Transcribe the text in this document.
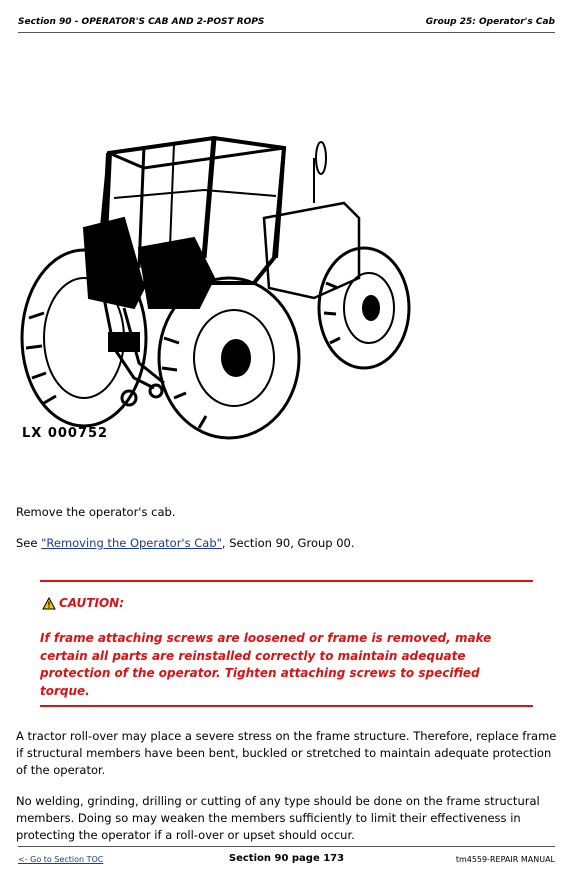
Section 90 - OPERATOR'S CAB AND 2-POST ROPS	Group 25: Operator's Cab
LX 000752
Remove the operator's cab.
See "Removing the Operator's Cab", Section 90, Group 00.
CAUTION:
If frame attaching screws are loosened or frame is removed, make certain all parts are reinstalled correctly to maintain adequate protection of the operator. Tighten attaching screws to specified torque.
A tractor roll-over may place a severe stress on the frame structure. Therefore, replace frame if structural members have been bent, buckled or stretched to maintain adequate protection of the operator.
No welding, grinding, drilling or cutting of any type should be done on the frame structural members. Doing so may weaken the members sufficiently to limit their effectiveness in protecting the operator if a roll-over or upset should occur.
<- Go to Section TOC	Section 90 page 173	tm4559-REPAIR MANUAL
